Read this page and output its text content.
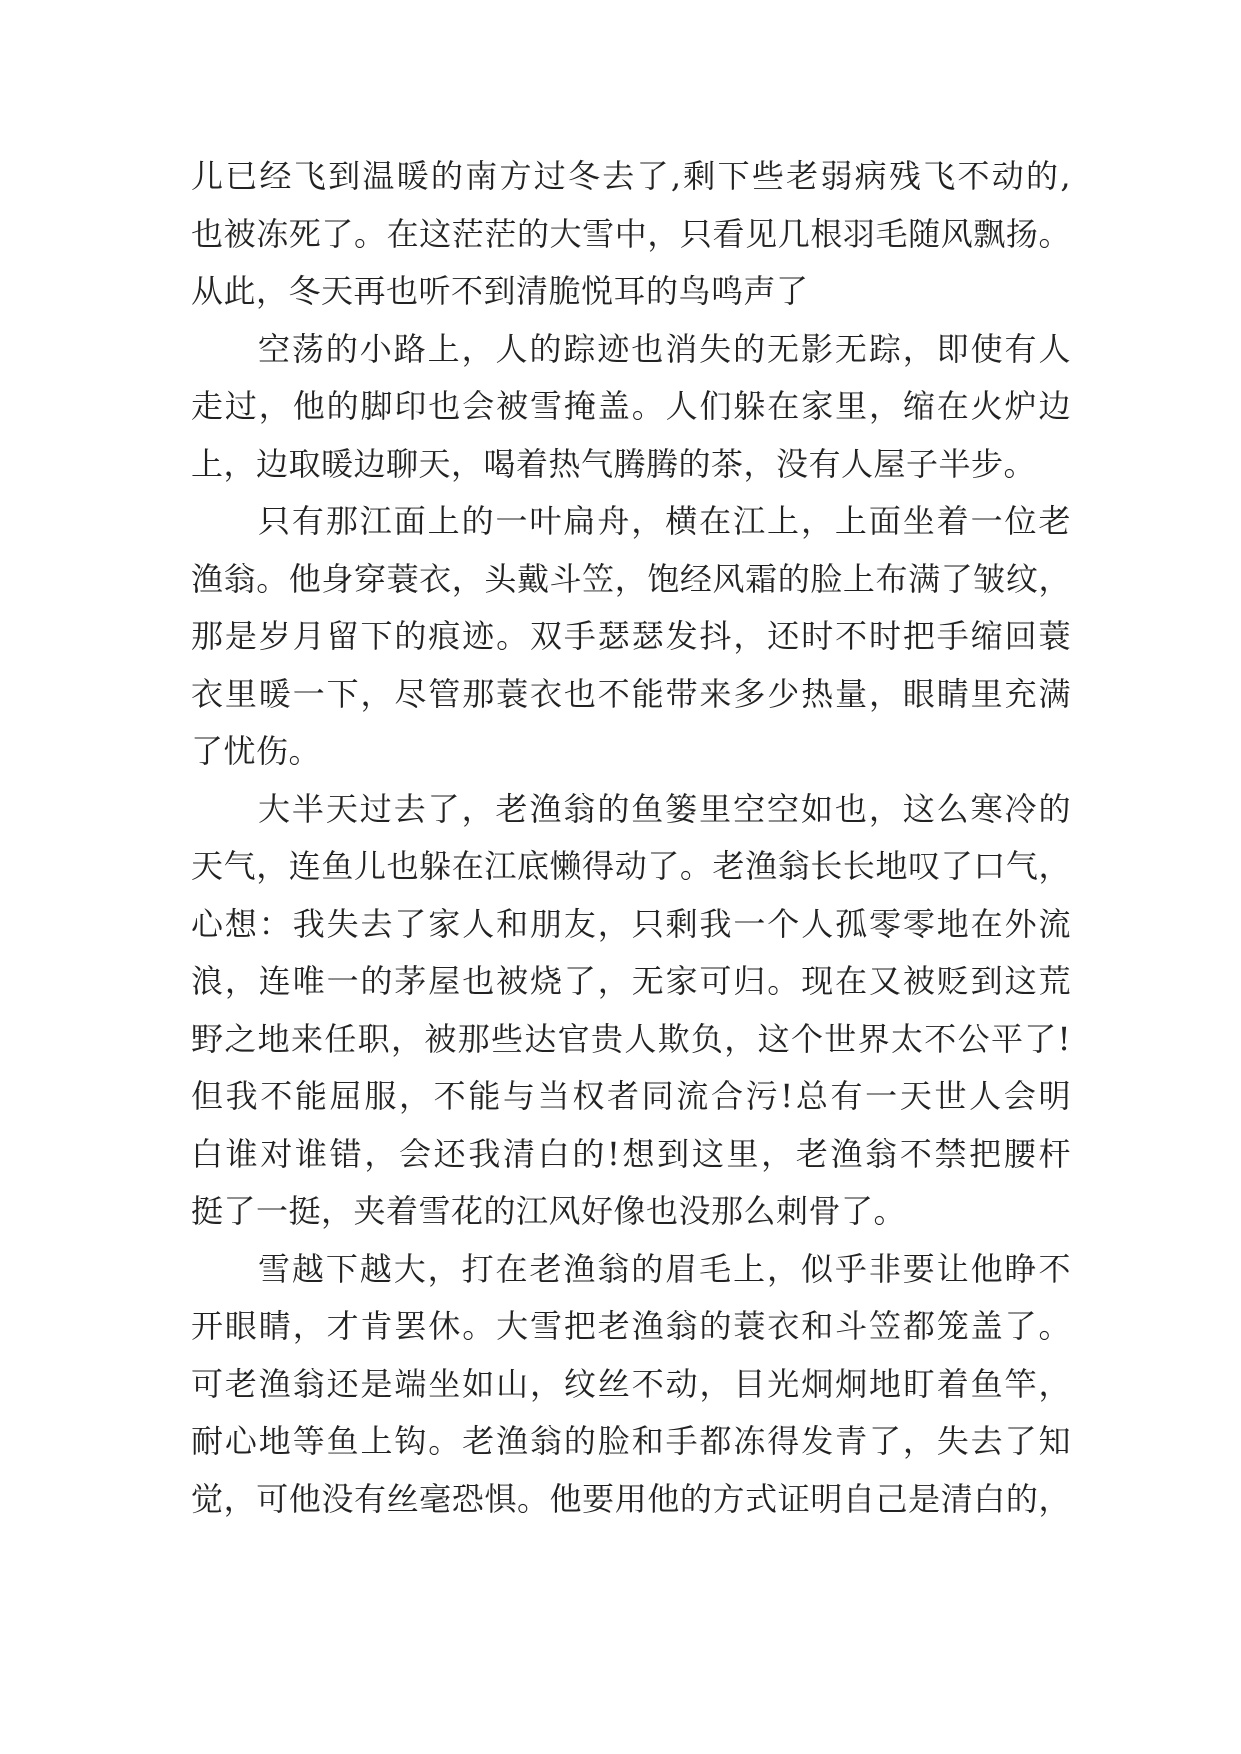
儿已经飞到温暖的南方过冬去了,剩下些老弱病残飞不动的,
也被冻死了。在这茫茫的大雪中，只看见几根羽毛随风飘扬。
从此，冬天再也听不到清脆悦耳的鸟鸣声了
空荡的小路上，人的踪迹也消失的无影无踪，即使有人
走过，他的脚印也会被雪掩盖。人们躲在家里，缩在火炉边
上，边取暖边聊天，喝着热气腾腾的茶，没有人屋子半步。
只有那江面上的一叶扁舟，横在江上，上面坐着一位老
渔翁。他身穿蓑衣，头戴斗笠，饱经风霜的脸上布满了皱纹，
那是岁月留下的痕迹。双手瑟瑟发抖，还时不时把手缩回蓑
衣里暖一下，尽管那蓑衣也不能带来多少热量，眼睛里充满
了忧伤。
大半天过去了，老渔翁的鱼篓里空空如也，这么寒冷的
天气，连鱼儿也躲在江底懒得动了。老渔翁长长地叹了口气，
心想：我失去了家人和朋友，只剩我一个人孤零零地在外流
浪，连唯一的茅屋也被烧了，无家可归。现在又被贬到这荒
野之地来任职，被那些达官贵人欺负，这个世界太不公平了!
但我不能屈服，不能与当权者同流合污!总有一天世人会明
白谁对谁错，会还我清白的!想到这里，老渔翁不禁把腰杆
挺了一挺，夹着雪花的江风好像也没那么刺骨了。
雪越下越大，打在老渔翁的眉毛上，似乎非要让他睁不
开眼睛，才肯罢休。大雪把老渔翁的蓑衣和斗笠都笼盖了。
可老渔翁还是端坐如山，纹丝不动，目光炯炯地盯着鱼竿，
耐心地等鱼上钩。老渔翁的脸和手都冻得发青了，失去了知
觉，可他没有丝毫恐惧。他要用他的方式证明自己是清白的，
